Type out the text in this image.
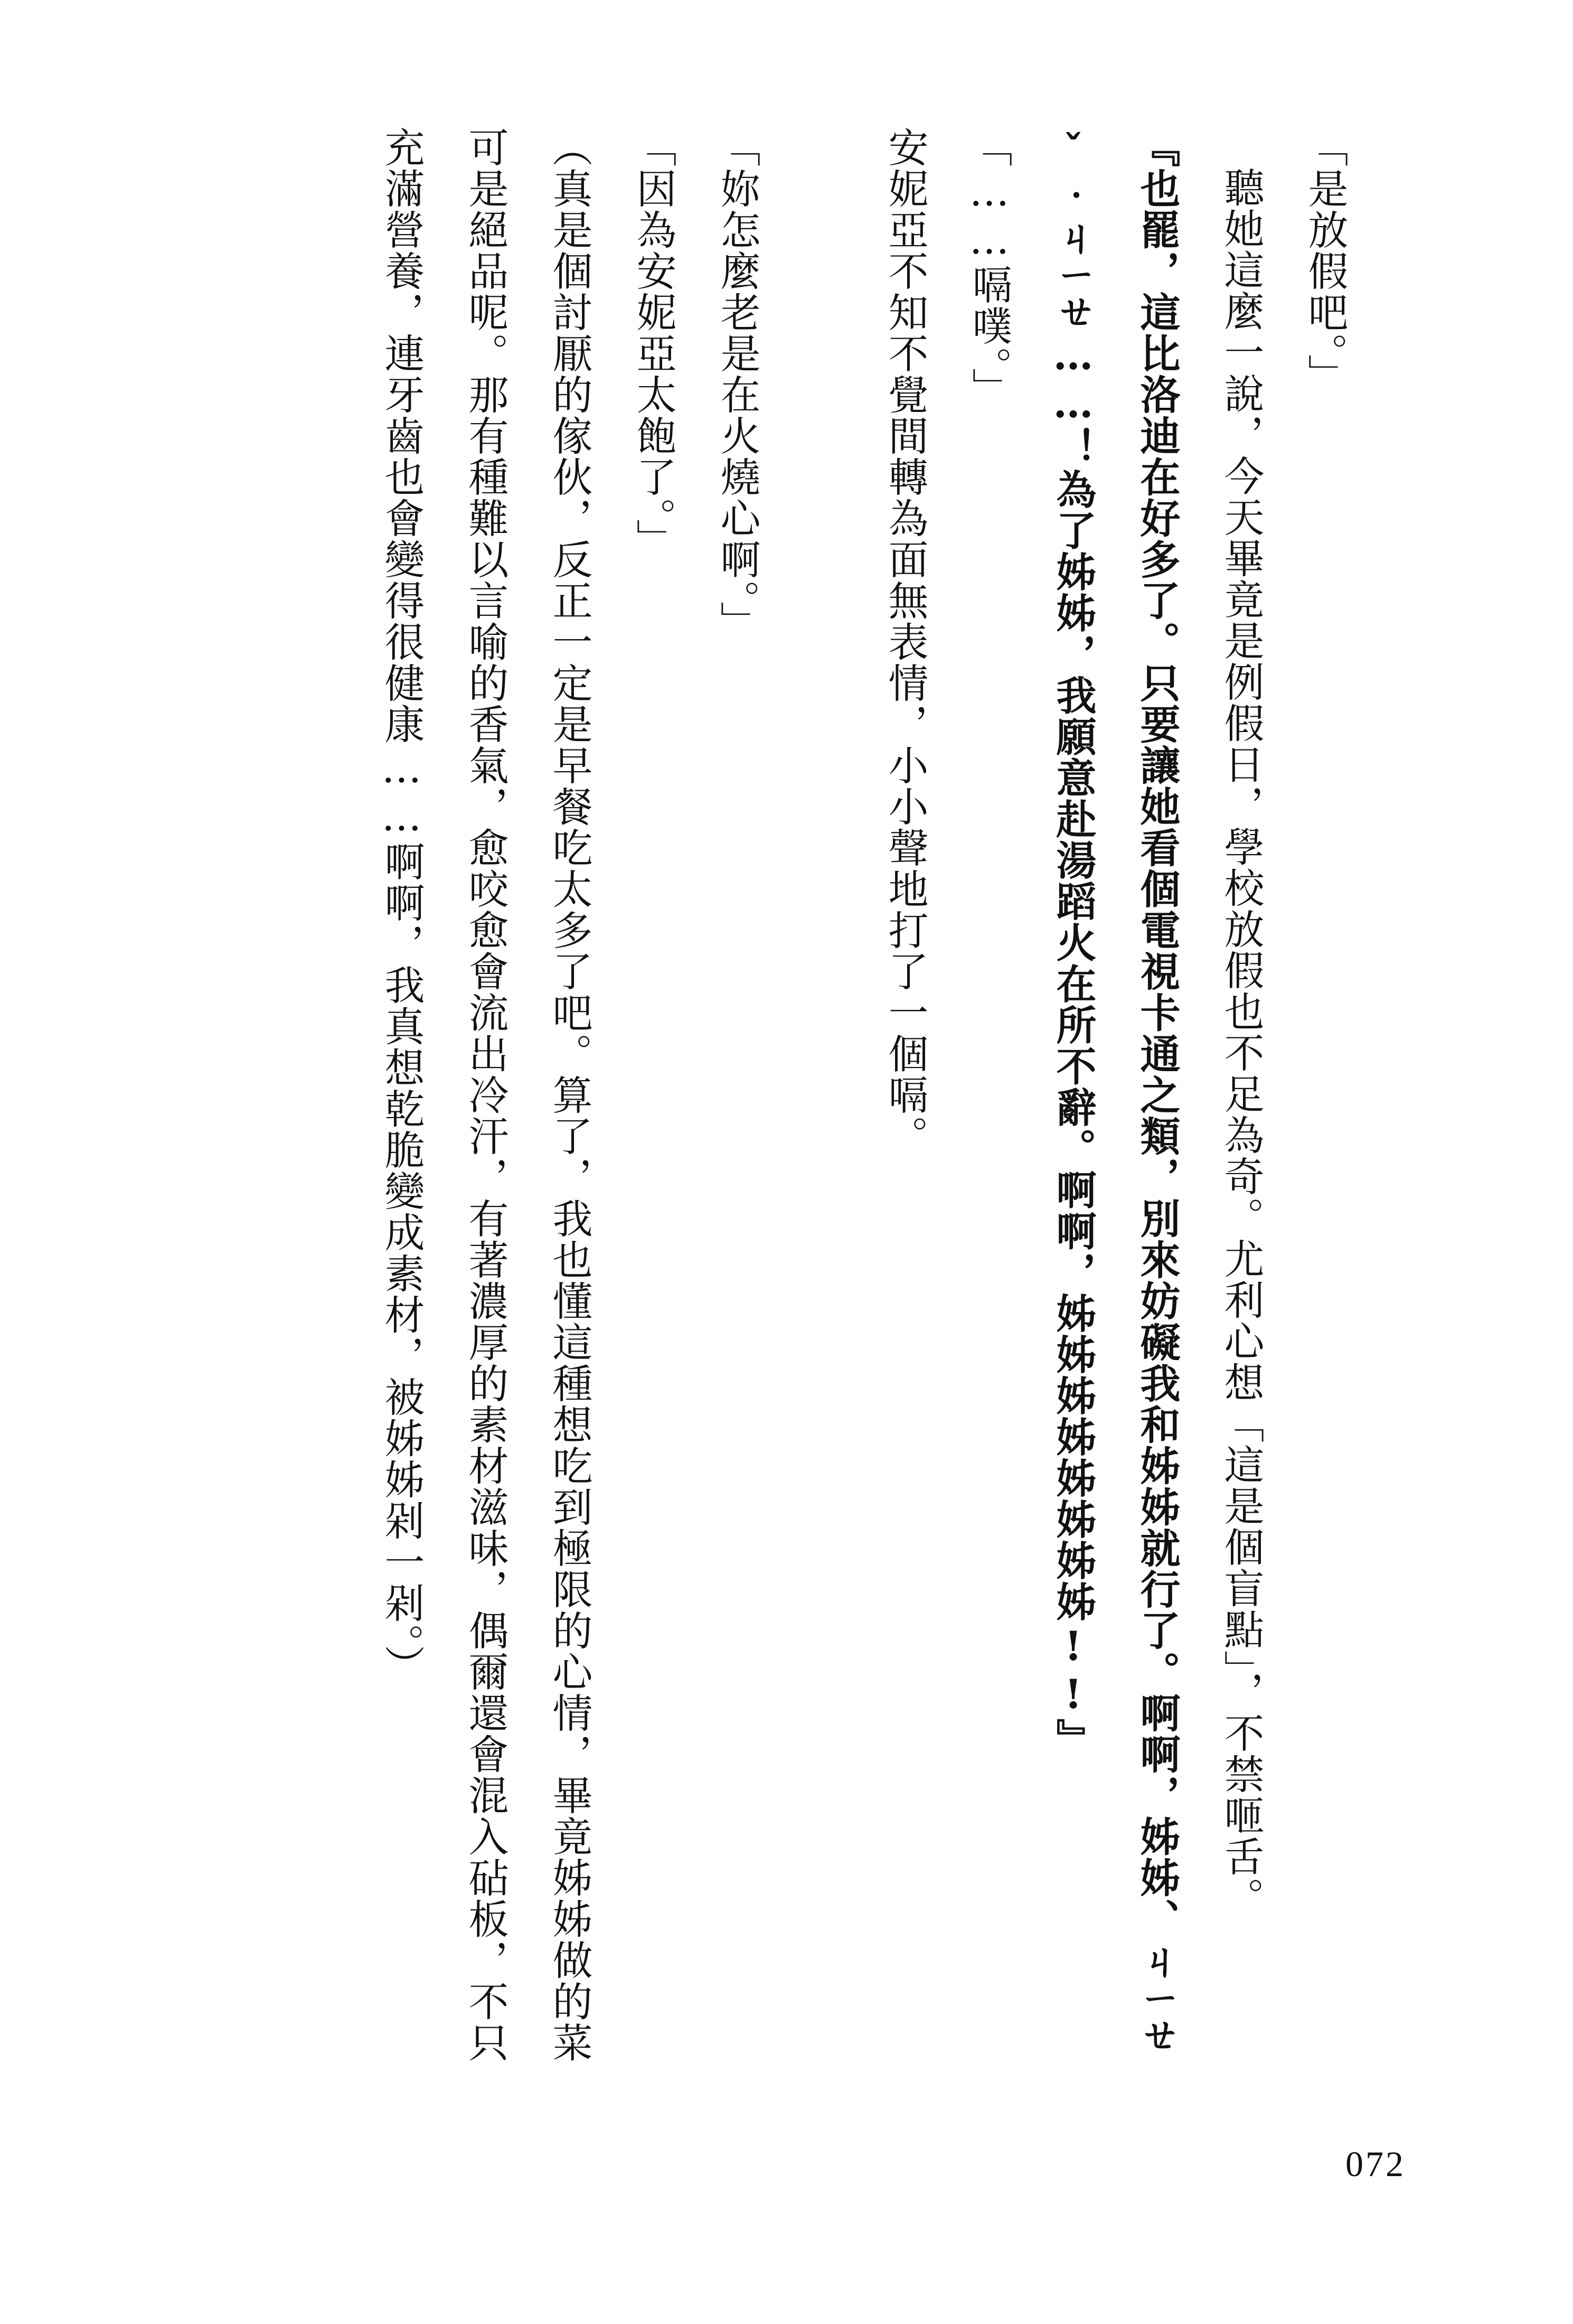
「是放假吧。」

聽她這麼一說，今天畢竟是例假日，學校放假也不足為奇。尤利心想「這是個盲點」，不禁咂舌。

『也罷，這比洛迪在好多了。只要讓她看個電視卡通之類，別來妨礙我和姊姊就行了。啊啊，姊姊、ㄐㄧㄝˇ‧ㄐㄧㄝ……！為了姊姊，我願意赴湯蹈火在所不辭。啊啊，姊姊姊姊姊姊姊姊!!』

「……嗝噗。」

安妮亞不知不覺間轉為面無表情，小小聲地打了一個嗝。

「妳怎麼老是在火燒心啊。」

「因為安妮亞太飽了。」

（真是個討厭的傢伙，反正一定是早餐吃太多了吧。算了，我也懂這種想吃到極限的心情，畢竟姊姊做的菜可是絕品呢。那有種難以言喻的香氣，愈咬愈會流出冷汗，有著濃厚的素材滋味，偶爾還會混入砧板，不只充滿營養，連牙齒也會變得很健康……啊啊，我真想乾脆變成素材，被姊姊剁一剁。）

072
